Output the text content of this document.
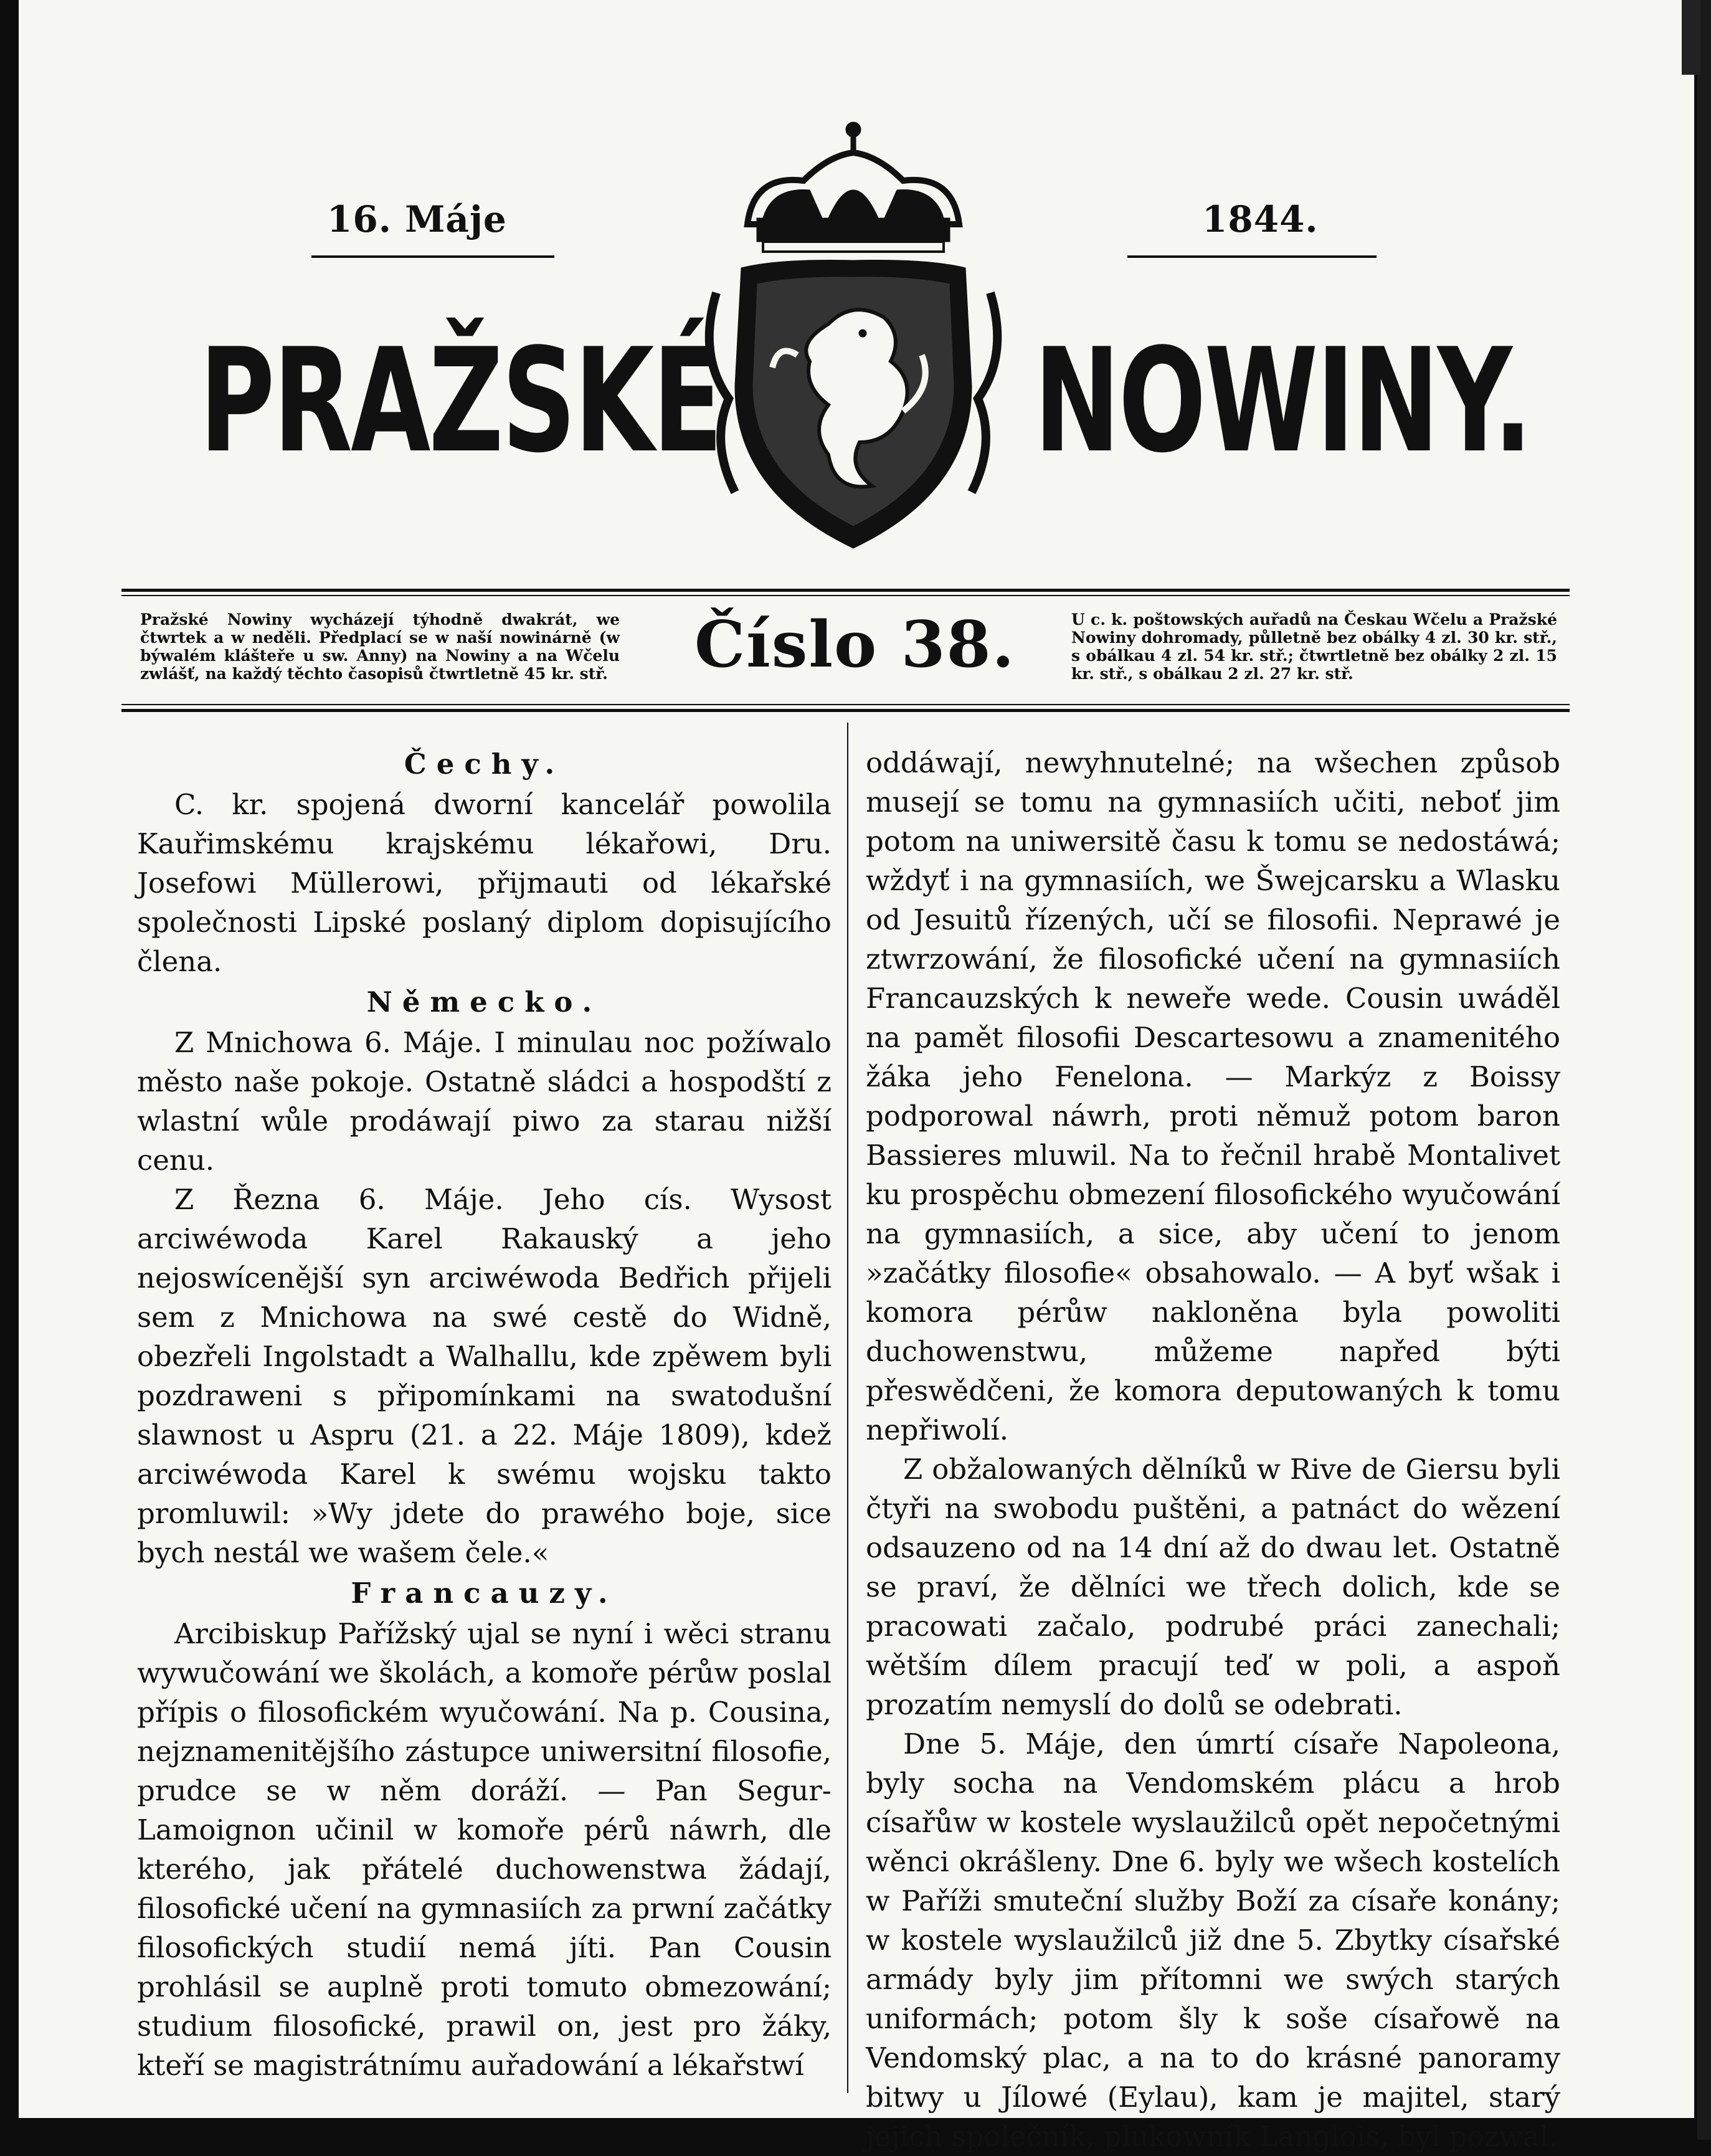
16. Máje	1844.
PRAŽSKÉ NOWINY.
Pražské Nowiny wycházejí týhodně dwakrát, we čtwrtek a w neděli. Předplací se w naší nowinárně (w býwalém klášteře u sw. Anny) na Nowiny a na Wčelu zwlášť, na každý těchto časopisů čtwrtletně 45 kr. stř. Číslo 38.	U c. k. poštowských auřadů na Českau Wčelu a Pražské Nowiny dohromady, půlletně bez obálky 4 zl. 30 kr. stř., s obálkau 4 zl. 54 kr. stř.; čtwrtletně bez obálky 2 zl. 15 kr. stř., s obálkau 2 zl. 27 kr. stř.

Čechy.

C. kr. spojená dworní kancelář powolila Kauřimskému krajskému lékařowi, Dru. Josefowi Müllerowi, přijmauti od lékařské společnosti Lipské poslaný diplom dopisujícího člena.

Německo.

Z Mnichowa 6. Máje. I minulau noc požíwalo město naše pokoje. Ostatně sládci a hospodští z wlastní wůle prodáwají piwo za starau nižší cenu.

Z Řezna 6. Máje. Jeho cís. Wysost arciwéwoda Karel Rakauský a jeho nejoswícenější syn arciwéwoda Bedřich přijeli sem z Mnichowa na swé cestě do Widně, obezřeli Ingolstadt a Walhallu, kde zpěwem byli pozdraweni s připomínkami na swatodušní slawnost u Aspru (21. a 22. Máje 1809), kdež arciwéwoda Karel k swému wojsku takto promluwil: »Wy jdete do prawého boje, sice bych nestál we wašem čele.«

Francauzy.

Arcibiskup Pařížský ujal se nyní i wěci stranu wywučowání we školách, a komoře pérůw poslal přípis o filosofickém wyučowání. Na p. Cousina, nejznamenitějšího zástupce uniwersitní filosofie, prudce se w něm doráží. — Pan Segur-Lamoignon učinil w komoře pérů náwrh, dle kterého, jak přátelé duchowenstwa žádají, filosofické učení na gymnasiích za prwní začátky filosofických studií nemá jíti. Pan Cousin prohlásil se auplně proti tomuto obmezowání; studium filosofické, prawil on, jest pro žáky, kteří se magistrátnímu auřadowání a lékařstwí

oddáwají, newyhnutelné; na wšechen způsob musejí se tomu na gymnasiích učiti, neboť jim potom na uniwersitě času k tomu se nedostáwá; wždyť i na gymnasiích, we Šwejcarsku a Wlasku od Jesuitů řízených, učí se filosofii. Neprawé je ztwrzowání, že filosofické učení na gymnasiích Francauzských k neweře wede. Cousin uwáděl na pamět filosofii Descartesowu a znamenitého žáka jeho Fenelona. — Markýz z Boissy podporowal náwrh, proti němuž potom baron Bassieres mluwil. Na to řečnil hrabě Montalivet ku prospěchu obmezení filosofického wyučowání na gymnasiích, a sice, aby učení to jenom »začátky filosofie« obsahowalo. — A byť wšak i komora pérůw nakloněna byla powoliti duchowenstwu, můžeme napřed býti přeswědčeni, že komora deputowaných k tomu nepřiwolí.

Z obžalowaných dělníků w Rive de Giersu byli čtyři na swobodu puštěni, a patnáct do wězení odsauzeno od na 14 dní až do dwau let. Ostatně se praví, že dělníci we třech dolich, kde se pracowati začalo, podrubé práci zanechali; wětším dílem pracují teď w poli, a aspoň prozatím nemyslí do dolů se odebrati.

Dne 5. Máje, den úmrtí císaře Napoleona, byly socha na Vendomském plácu a hrob císařůw w kostele wyslaužilců opět nepočetnými wěnci okrášleny. Dne 6. byly we wšech kostelích w Paříži smuteční služby Boží za císaře konány; w kostele wyslaužilců již dne 5. Zbytky císařské armády byly jim přítomni we swých starých uniformách; potom šly k soše císařowě na Vendomský plac, a na to do krásné panoramy bitwy u Jílowé (Eylau), kam je majitel, starý jejich společník, plukowník Langlois, byl pozwal.
